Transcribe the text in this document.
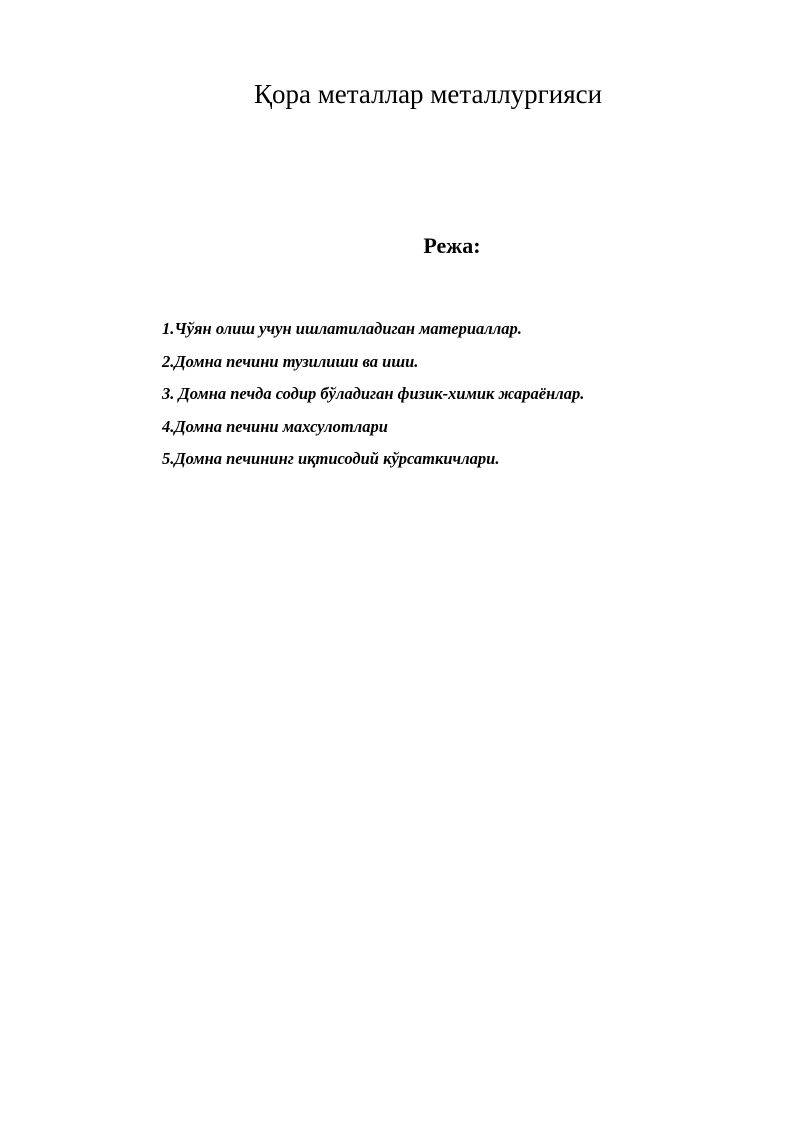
Қора металлар металлургияси
Режа:
1.Чўян олиш учун ишлатиладиган материаллар.
2.Домна печини тузилиши ва иши.
3. Домна печда содир бўладиган физик-химик жараёнлар.
4.Домна печини махсулотлари
5.Домна печининг иқтисодий кўрсаткичлари.
